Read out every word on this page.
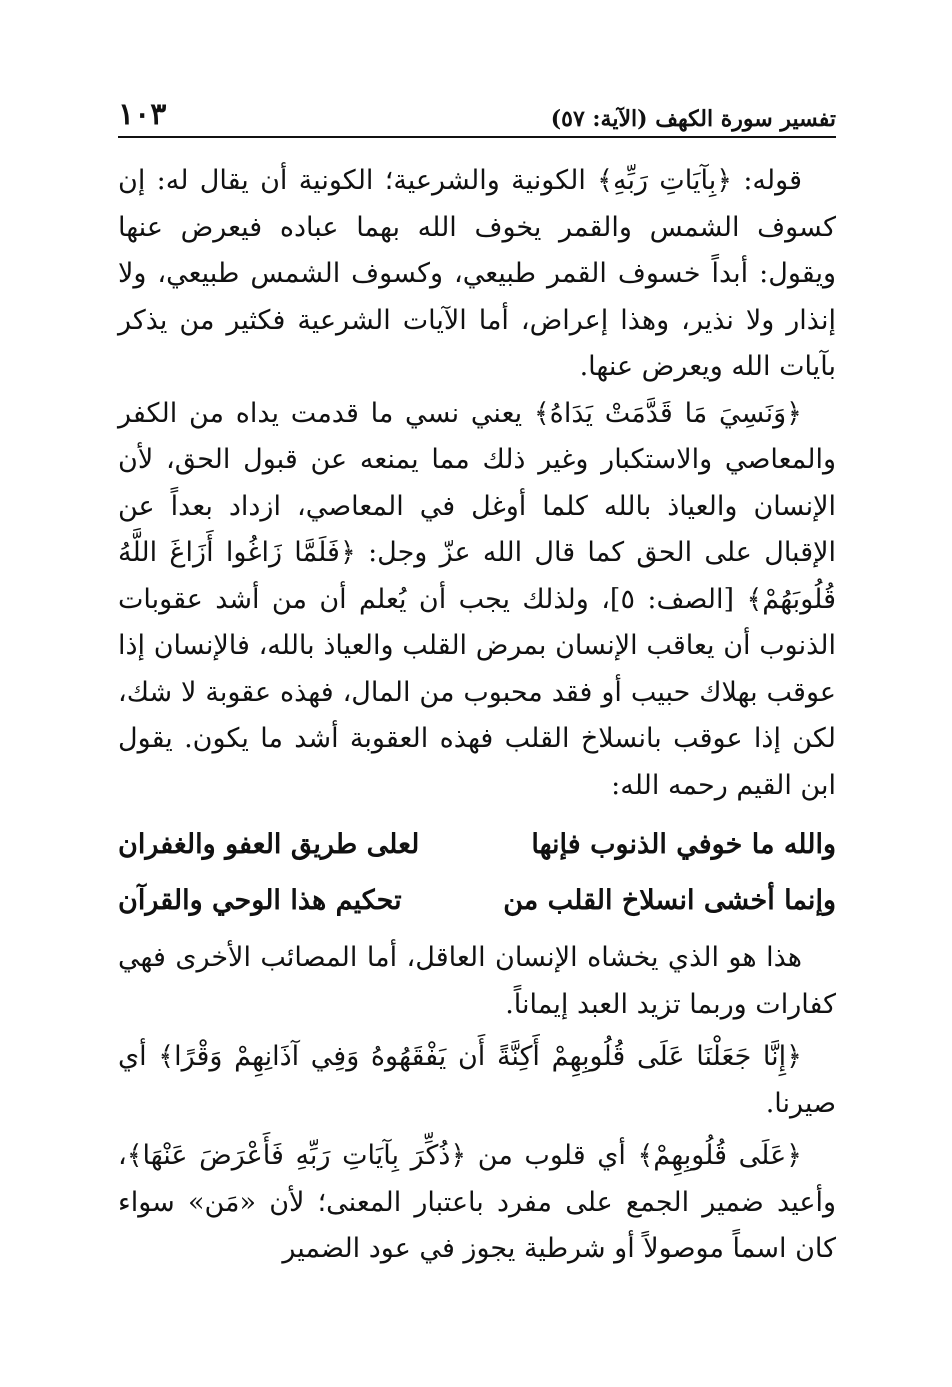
تفسير سورة الكهف (الآية: ٥٧)
١٠٣

قوله: ﴿بِآيَاتِ رَبِّهِ﴾ الكونية والشرعية؛ الكونية أن يقال له: إن كسوف الشمس والقمر يخوف الله بهما عباده فيعرض عنها ويقول: أبداً خسوف القمر طبيعي، وكسوف الشمس طبيعي، ولا إنذار ولا نذير، وهذا إعراض، أما الآيات الشرعية فكثير من يذكر بآيات الله ويعرض عنها.

﴿وَنَسِيَ مَا قَدَّمَتْ يَدَاهُ﴾ يعني نسي ما قدمت يداه من الكفر والمعاصي والاستكبار وغير ذلك مما يمنعه عن قبول الحق، لأن الإنسان والعياذ بالله كلما أوغل في المعاصي، ازداد بعداً عن الإقبال على الحق كما قال الله عزّ وجل: ﴿فَلَمَّا زَاغُوا أَزَاغَ اللَّهُ قُلُوبَهُمْ﴾ [الصف: ٥]، ولذلك يجب أن يُعلم أن من أشد عقوبات الذنوب أن يعاقب الإنسان بمرض القلب والعياذ بالله، فالإنسان إذا عوقب بهلاك حبيب أو فقد محبوب من المال، فهذه عقوبة لا شك، لكن إذا عوقب بانسلاخ القلب فهذه العقوبة أشد ما يكون. يقول ابن القيم رحمه الله:

والله ما خوفي الذنوب فإنها
لعلى طريق العفو والغفران
وإنما أخشى انسلاخ القلب من
تحكيم هذا الوحي والقرآن

هذا هو الذي يخشاه الإنسان العاقل، أما المصائب الأخرى فهي كفارات وربما تزيد العبد إيماناً.

﴿إِنَّا جَعَلْنَا عَلَى قُلُوبِهِمْ أَكِنَّةً أَن يَفْقَهُوهُ وَفِي آذَانِهِمْ وَقْرًا﴾ أي صيرنا.

﴿عَلَى قُلُوبِهِمْ﴾ أي قلوب من ﴿ذُكِّرَ بِآيَاتِ رَبِّهِ فَأَعْرَضَ عَنْهَا﴾، وأعيد ضمير الجمع على مفرد باعتبار المعنى؛ لأن «مَن» سواء كان اسماً موصولاً أو شرطية يجوز في عود الضمير
